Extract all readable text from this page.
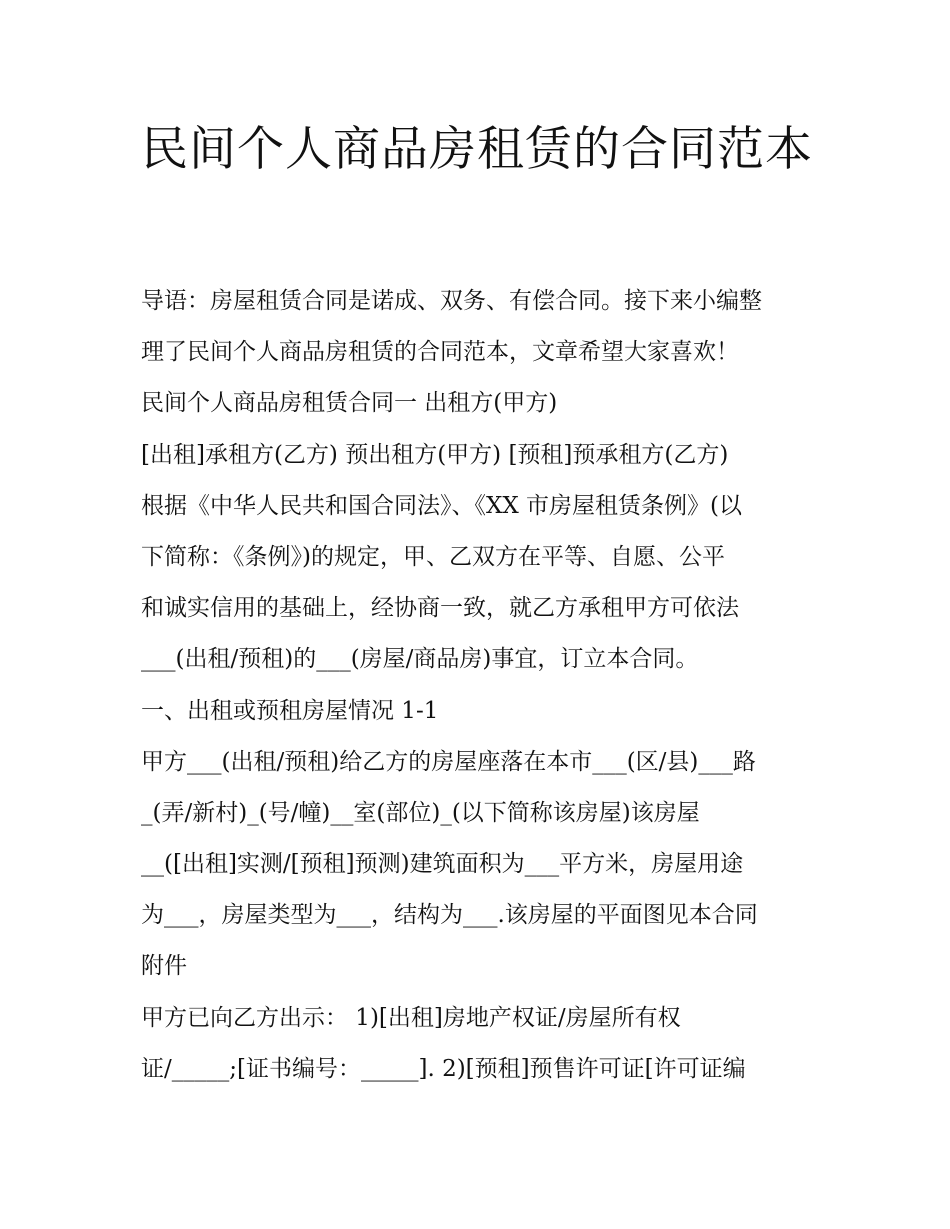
民间个人商品房租赁的合同范本
导语：房屋租赁合同是诺成、双务、有偿合同。接下来小编整
理了民间个人商品房租赁的合同范本，文章希望大家喜欢！
民间个人商品房租赁合同一 出租方(甲方)
[出租]承租方(乙方) 预出租方(甲方) [预租]预承租方(乙方)
根据《中华人民共和国合同法》、《XX 市房屋租赁条例》(以
下简称：《条例》)的规定，甲、乙双方在平等、自愿、公平
和诚实信用的基础上，经协商一致，就乙方承租甲方可依法
___(出租/预租)的___(房屋/商品房)事宜，订立本合同。
一、出租或预租房屋情况 1-1
甲方___(出租/预租)给乙方的房屋座落在本市___(区/县)___路
_(弄/新村)_(号/幢)__室(部位)_(以下简称该房屋)该房屋
__([出租]实测/[预租]预测)建筑面积为___平方米，房屋用途
为___，房屋类型为___，结构为___.该房屋的平面图见本合同
附件
甲方已向乙方出示： 1)[出租]房地产权证/房屋所有权
证/_____;[证书编号：_____]. 2)[预租]预售许可证[许可证编
